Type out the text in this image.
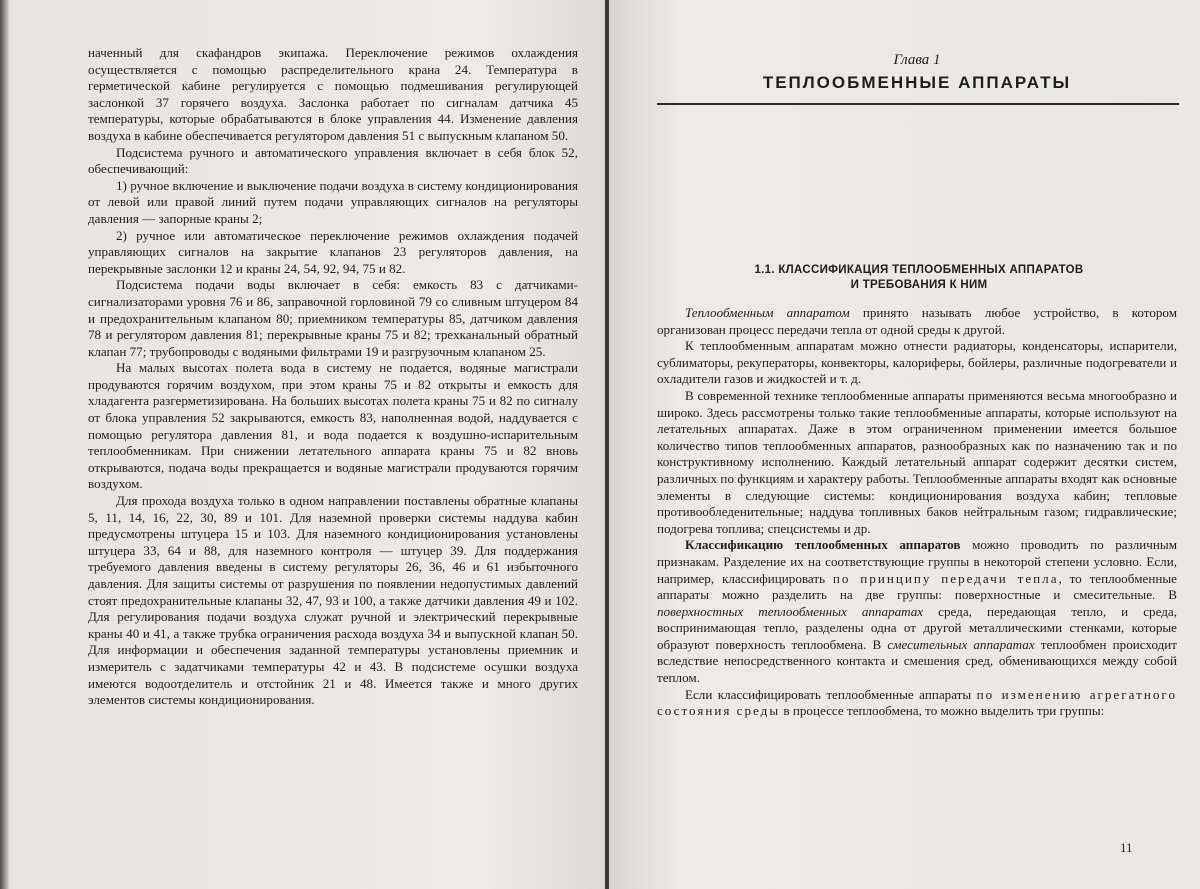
наченный для скафандров экипажа. Переключение режимов охлаждения осуществляется с помощью распределительного крана 24. Температура в герметической кабине регулируется с помощью подмешивания регулирующей заслонкой 37 горячего воздуха. Заслонка работает по сигналам датчика 45 температуры, которые обрабатываются в блоке управления 44. Изменение давления воздуха в кабине обеспечивается регулятором давления 51 с выпускным клапаном 50.

Подсистема ручного и автоматического управления включает в себя блок 52, обеспечивающий:

1) ручное включение и выключение подачи воздуха в систему кондиционирования от левой или правой линий путем подачи управляющих сигналов на регуляторы давления — запорные краны 2;

2) ручное или автоматическое переключение режимов охлаждения подачей управляющих сигналов на закрытие клапанов 23 регуляторов давления, на перекрывные заслонки 12 и краны 24, 54, 92, 94, 75 и 82.

Подсистема подачи воды включает в себя: емкость 83 с датчиками-сигнализаторами уровня 76 и 86, заправочной горловиной 79 со сливным штуцером 84 и предохранительным клапаном 80; приемником температуры 85, датчиком давления 78 и регулятором давления 81; перекрывные краны 75 и 82; трехканальный обратный клапан 77; трубопроводы с водяными фильтрами 19 и разгрузочным клапаном 25.

На малых высотах полета вода в систему не подается, водяные магистрали продуваются горячим воздухом, при этом краны 75 и 82 открыты и емкость для хладагента разгерметизирована. На больших высотах полета краны 75 и 82 по сигналу от блока управления 52 закрываются, емкость 83, наполненная водой, наддувается с помощью регулятора давления 81, и вода подается к воздушно-испарительным теплообменникам. При снижении летательного аппарата краны 75 и 82 вновь открываются, подача воды прекращается и водяные магистрали продуваются горячим воздухом.

Для прохода воздуха только в одном направлении поставлены обратные клапаны 5, 11, 14, 16, 22, 30, 89 и 101. Для наземной проверки системы наддува кабин предусмотрены штуцера 15 и 103. Для наземного кондиционирования установлены штуцера 33, 64 и 88, для наземного контроля — штуцер 39. Для поддержания требуемого давления введены в систему регуляторы 26, 36, 46 и 61 избыточного давления. Для защиты системы от разрушения по появлении недопустимых давлений стоят предохранительные клапаны 32, 47, 93 и 100, а также датчики давления 49 и 102. Для регулирования подачи воздуха служат ручной и электрический перекрывные краны 40 и 41, а также трубка ограничения расхода воздуха 34 и выпускной клапан 50. Для информации и обеспечения заданной температуры установлены приемник и измеритель с задатчиками температуры 42 и 43. В подсистеме осушки воздуха имеются водоотделитель и отстойник 21 и 48. Имеется также и много других элементов системы кондиционирования.

Глава 1
ТЕПЛООБМЕННЫЕ АППАРАТЫ
1.1. КЛАССИФИКАЦИЯ ТЕПЛООБМЕННЫХ АППАРАТОВ
И ТРЕБОВАНИЯ К НИМ

Теплообменным аппаратом принято называть любое устройство, в котором организован процесс передачи тепла от одной среды к другой.

К теплообменным аппаратам можно отнести радиаторы, конденсаторы, испарители, сублиматоры, рекуператоры, конвекторы, калориферы, бойлеры, различные подогреватели и охладители газов и жидкостей и т. д.

В современной технике теплообменные аппараты применяются весьма многообразно и широко. Здесь рассмотрены только такие теплообменные аппараты, которые используют на летательных аппаратах. Даже в этом ограниченном применении имеется большое количество типов теплообменных аппаратов, разнообразных как по назначению так и по конструктивному исполнению. Каждый летательный аппарат содержит десятки систем, различных по функциям и характеру работы. Теплообменные аппараты входят как основные элементы в следующие системы: кондиционирования воздуха кабин; тепловые противообледенительные; наддува топливных баков нейтральным газом; гидравлические; подогрева топлива; спецсистемы и др.

Классификацию теплообменных аппаратов можно проводить по различным признакам. Разделение их на соответствующие группы в некоторой степени условно. Если, например, классифицировать по принципу передачи тепла, то теплообменные аппараты можно разделить на две группы: поверхностные и смесительные. В поверхностных теплообменных аппаратах среда, передающая тепло, и среда, воспринимающая тепло, разделены одна от другой металлическими стенками, которые образуют поверхность теплообмена. В смесительных аппаратах теплообмен происходит вследствие непосредственного контакта и смешения сред, обменивающихся между собой теплом.

Если классифицировать теплообменные аппараты по изменению агрегатного состояния среды в процессе теплообмена, то можно выделить три группы:

11
